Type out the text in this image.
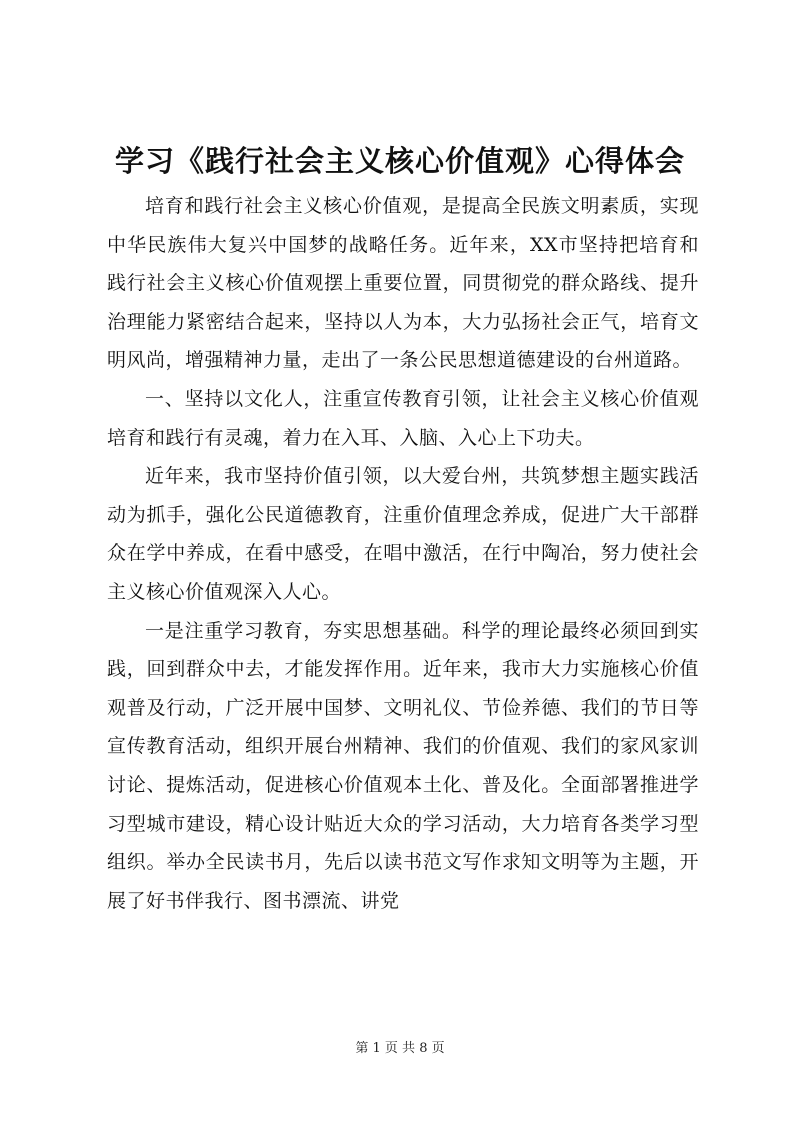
学习《践行社会主义核心价值观》心得体会

培育和践行社会主义核心价值观，是提高全民族文明素质，实现中华民族伟大复兴中国梦的战略任务。近年来，XX市坚持把培育和践行社会主义核心价值观摆上重要位置，同贯彻党的群众路线、提升治理能力紧密结合起来，坚持以人为本，大力弘扬社会正气，培育文明风尚，增强精神力量，走出了一条公民思想道德建设的台州道路。

一、坚持以文化人，注重宣传教育引领，让社会主义核心价值观培育和践行有灵魂，着力在入耳、入脑、入心上下功夫。

近年来，我市坚持价值引领，以大爱台州，共筑梦想主题实践活动为抓手，强化公民道德教育，注重价值理念养成，促进广大干部群众在学中养成，在看中感受，在唱中激活，在行中陶冶，努力使社会主义核心价值观深入人心。

一是注重学习教育，夯实思想基础。科学的理论最终必须回到实践，回到群众中去，才能发挥作用。近年来，我市大力实施核心价值观普及行动，广泛开展中国梦、文明礼仪、节俭养德、我们的节日等宣传教育活动，组织开展台州精神、我们的价值观、我们的家风家训讨论、提炼活动，促进核心价值观本土化、普及化。全面部署推进学习型城市建设，精心设计贴近大众的学习活动，大力培育各类学习型组织。举办全民读书月，先后以读书范文写作求知文明等为主题，开展了好书伴我行、图书漂流、讲党

第 1 页 共 8 页
